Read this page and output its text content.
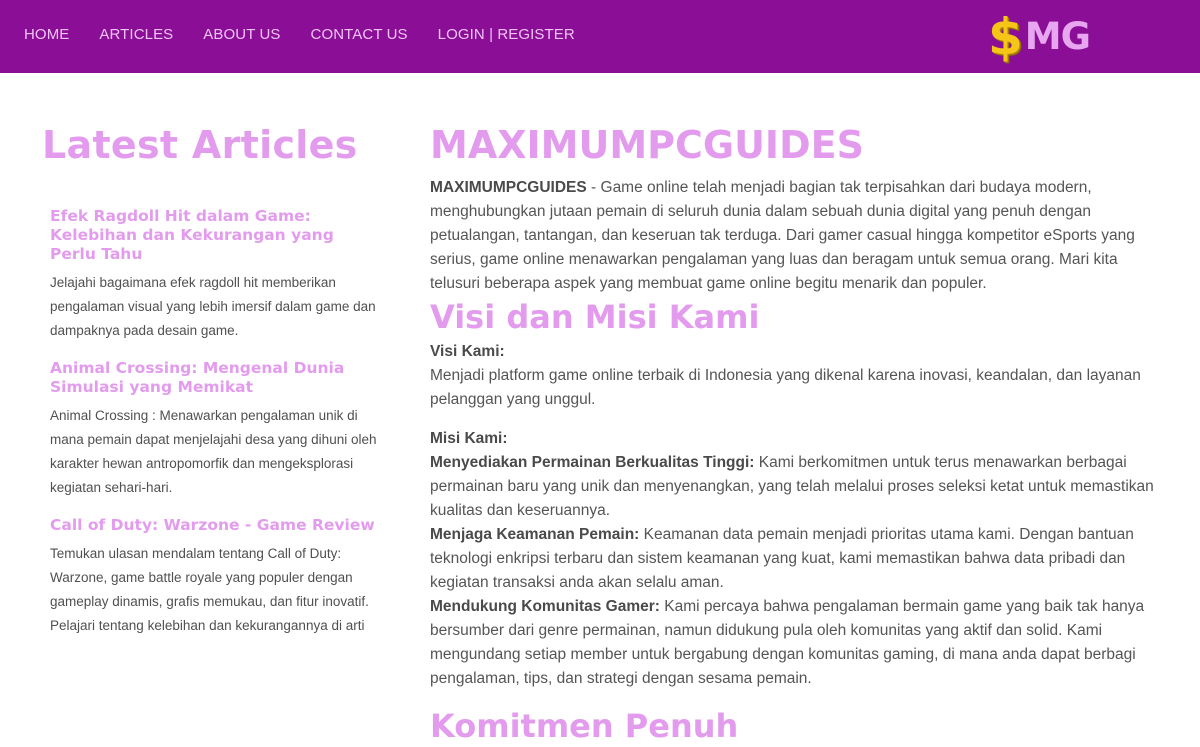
HOME ARTICLES ABOUT US CONTACT US LOGIN | REGISTER	$ MG
Latest Articles
Efek Ragdoll Hit dalam Game: Kelebihan dan Kekurangan yang Perlu Tahu

Jelajahi bagaimana efek ragdoll hit memberikan pengalaman visual yang lebih imersif dalam game dan dampaknya pada desain game.

Animal Crossing: Mengenal Dunia Simulasi yang Memikat

Animal Crossing : Menawarkan pengalaman unik di mana pemain dapat menjelajahi desa yang dihuni oleh karakter hewan antropomorfik dan mengeksplorasi kegiatan sehari-hari.

Call of Duty: Warzone - Game Review

Temukan ulasan mendalam tentang Call of Duty: Warzone, game battle royale yang populer dengan gameplay dinamis, grafis memukau, dan fitur inovatif. Pelajari tentang kelebihan dan kekurangannya di arti

MAXIMUMPCGUIDES

MAXIMUMPCGUIDES - Game online telah menjadi bagian tak terpisahkan dari budaya modern, menghubungkan jutaan pemain di seluruh dunia dalam sebuah dunia digital yang penuh dengan petualangan, tantangan, dan keseruan tak terduga. Dari gamer casual hingga kompetitor eSports yang serius, game online menawarkan pengalaman yang luas dan beragam untuk semua orang. Mari kita telusuri beberapa aspek yang membuat game online begitu menarik dan populer.

Visi dan Misi Kami

Visi Kami:
Menjadi platform game online terbaik di Indonesia yang dikenal karena inovasi, keandalan, dan layanan pelanggan yang unggul.

Misi Kami:
Menyediakan Permainan Berkualitas Tinggi: Kami berkomitmen untuk terus menawarkan berbagai permainan baru yang unik dan menyenangkan, yang telah melalui proses seleksi ketat untuk memastikan kualitas dan keseruannya.
Menjaga Keamanan Pemain: Keamanan data pemain menjadi prioritas utama kami. Dengan bantuan teknologi enkripsi terbaru dan sistem keamanan yang kuat, kami memastikan bahwa data pribadi dan kegiatan transaksi anda akan selalu aman.
Mendukung Komunitas Gamer: Kami percaya bahwa pengalaman bermain game yang baik tak hanya bersumber dari genre permainan, namun didukung pula oleh komunitas yang aktif dan solid. Kami mengundang setiap member untuk bergabung dengan komunitas gaming, di mana anda dapat berbagi pengalaman, tips, dan strategi dengan sesama pemain.

Komitmen Penuh
